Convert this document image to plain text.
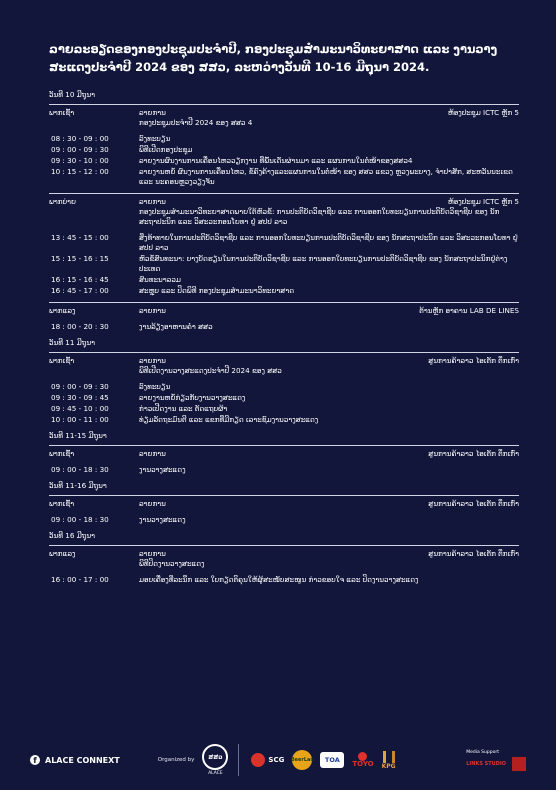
ລາຍລະອຽດຂອງກອງປະຊຸມປະຈຳປີ, ກອງປະຊຸມສຳມະນາວິທະຍາສາດ ແລະ ງານວາງສະແດງປະຈຳປີ 2024 ຂອງ ສສວ, ລະຫວ່າງວັນທີ 10-16 ມີຖຸນາ 2024.
ວັນທີ 10 ມີຖຸນາ
ພາກເຊົ້າ	ລາຍການ	ຫ້ອງປະຊຸມ ICTC ຫຼັກ 5
ກອງປະຊຸມປະຈຳປີ 2024 ຂອງ ສສວ 4
08 : 30 - 09 : 00	ລົງທະບຽນ
09 : 00 - 09 : 30	ພິທີເປີດກອງປະຊຸມ
09 : 30 - 10 : 00	ລາຍງານຜົນງານການເຄື່ອນໄຫວວຽກງານ ທີ່ພົ້ນເດັ່ນຜ່ານມາ ແລະ ແຜນການໃນຕໍ່ໜ້າຂອງສສວ4
10 : 15 - 12 : 00	ລາຍງານຫຍໍ້ ຜົນງານການເຄື່ອນໄຫວ, ຂໍ້ຄົງຄ້າງແລະແຜນການໃນຕໍ່ໜ້າ ຂອງ ສສວ ແຂວງ ຫຼວງພະບາງ, ຈຳປາສັກ, ສະຫວັນນະເຂດ ແລະ ນະຄອນຫຼວງວຽງຈັນ
ພາກບ່າຍ	ລາຍການ	ຫ້ອງປະຊຸມ ICTC ຫຼັກ 5
ກອງປະຊຸມສຳມະນາວິທະຍາສາດພາຍໃຕ້ຫົວຂໍ້: ການປະຕິບັດວິຊາຊີບ ແລະ ການອອກໃບທະບຽນການປະຕິບັດວິຊາຊີບ ຂອງ ນັກສະຖາປະນິກ ແລະ ວິສະວະກອນໂຍທາ ຢູ່ ສປປ ລາວ
13 : 45 - 15 : 00	ສິ່ງທ້າທາຍໃນການປະຕິບັດວິຊາຊີບ ແລະ ການອອກໃບທະບຽນການປະຕິບັດວິຊາຊີບ ຂອງ ນັກສະຖາປະນິກ ແລະ ວິສະວະກອນໂຍທາ ຢູ່ ສປປ ລາວ
15 : 15 - 16 : 15	ຫົວຂໍ້ສົນທະນາ: ບາງບັດຮຽນໃນການປະຕິບັດວິຊາຊີບ ແລະ ການອອກໃບທະບຽນການປະຕິບັດວິຊາຊີບ ຂອງ ນັກສະຖາປະນິກຢູ່ຕ່າງປະເທດ
16 : 15 - 16 : 45	ສົນທະນາລວມ
16 : 45 - 17 : 00	ສະຫຼຸບ ແລະ ປິດພິທີ ກອງປະຊຸມສຳມະນາວິທະຍາສາດ
ພາກແລງ	ລາຍການ	ຕ້ານຫຼັກ ອາຄານ LAB DE LINES
18 : 00 - 20 : 30	ງານລ້ຽງອາຫານຄ່ຳ ສສວ
ວັນທີ 11 ມີຖຸນາ
ພາກເຊົ້າ	ລາຍການ	ສູນການຄ້າລາວ ໄອເຕັກ ຕຶກເກົ່າ
ພິທີເປີດງານວາງສະແດງປະຈຳປີ 2024 ຂອງ ສສວ
09 : 00 - 09 : 30	ລົງທະບຽນ
09 : 30 - 09 : 45	ລາຍງານຫຍໍ້ກ່ຽວກັບງານວາງສະແດງ
09 : 45 - 10 : 00	ກ່າວເປີດງານ ແລະ ຕັດແຖບຜ້າ
10 : 00 - 11 : 00	ທ່ຽມລັດຖະມົນຕີ ແລະ ແຂກທີ່ມີກຽດ ເລາະຊົມງານວາງສະແດງ
ວັນທີ 11-15 ມີຖຸນາ
ພາກເຊົ້າ	ລາຍການ	ສູນການຄ້າລາວ ໄອເຕັກ ຕຶກເກົ່າ
09 : 00 - 18 : 30	ງານວາງສະແດງ
ວັນທີ 11-16 ມີຖຸນາ
ພາກເຊົ້າ	ລາຍການ	ສູນການຄ້າລາວ ໄອເຕັກ ຕຶກເກົ່າ
09 : 00 - 18 : 30	ງານວາງສະແດງ
ວັນທີ 16 ມີຖຸນາ
ພາກແລງ	ລາຍການ	ສູນການຄ້າລາວ ໄອເຕັກ ຕຶກເກົ່າ
ພິທີປິດງານວາງສະແດງ
16 : 00 - 17 : 00	ມອບເຄື່ອງທີ່ລະນຶກ ແລະ ໃບກຽດຕິຄຸນໃຫ້ຜູ້ສະໜັບສະໜູນ ກ່າວຂອບໃຈ ແລະ ປິດງານວາງສະແດງ
f	ALACE CONNEXT	Organized by	ສສວ
ALACE
SCG BeerLao	TOA	TOYO KPG
Media Support
LINKS STUDIO
